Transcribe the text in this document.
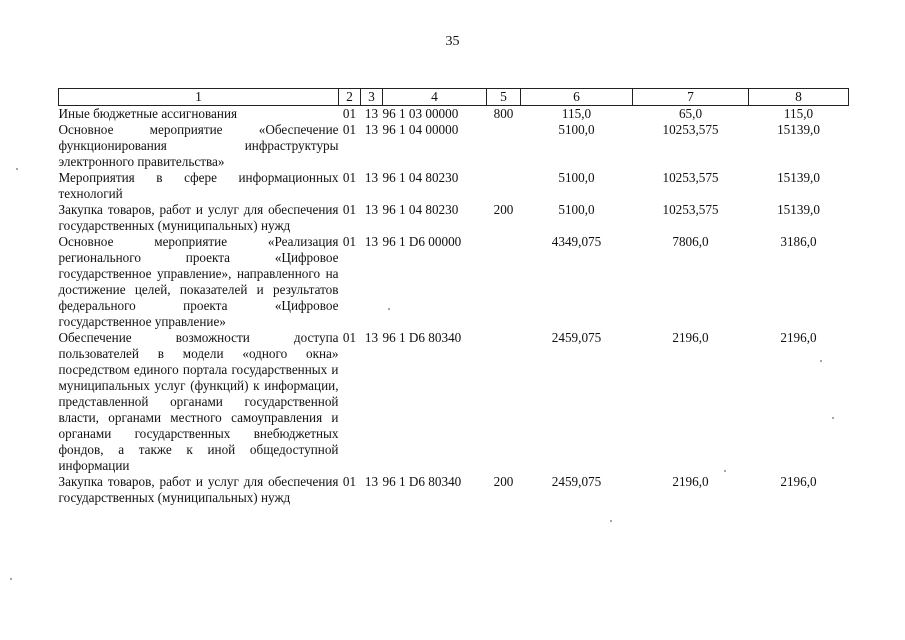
35
1	2	3	4	5	6	7	8
Иные бюджетные ассигнования	01	13	96 1 03 00000	800	115,0	65,0	115,0
Основное мероприятие «Обеспечение функционирования инфраструктуры электронного правительства»	01	13	96 1 04 00000		5100,0	10253,575	15139,0
Мероприятия в сфере информационных технологий	01	13	96 1 04 80230		5100,0	10253,575	15139,0
Закупка товаров, работ и услуг для обеспечения государственных (муниципальных) нужд	01	13	96 1 04 80230	200	5100,0	10253,575	15139,0
Основное мероприятие «Реализация регионального проекта «Цифровое государственное управление», направленного на достижение целей, показателей и результатов федерального проекта «Цифровое государственное управление»	01	13	96 1 D6 00000		4349,075	7806,0	3186,0
Обеспечение возможности доступа пользователей в модели «одного окна» посредством единого портала государственных и муниципальных услуг (функций) к информации, представленной органами государственной власти, органами местного самоуправления и органами государственных внебюджетных фондов, а также к иной общедоступной информации	01	13	96 1 D6 80340		2459,075	2196,0	2196,0
Закупка товаров, работ и услуг для обеспечения государственных (муниципальных) нужд	01	13	96 1 D6 80340	200	2459,075	2196,0	2196,0
